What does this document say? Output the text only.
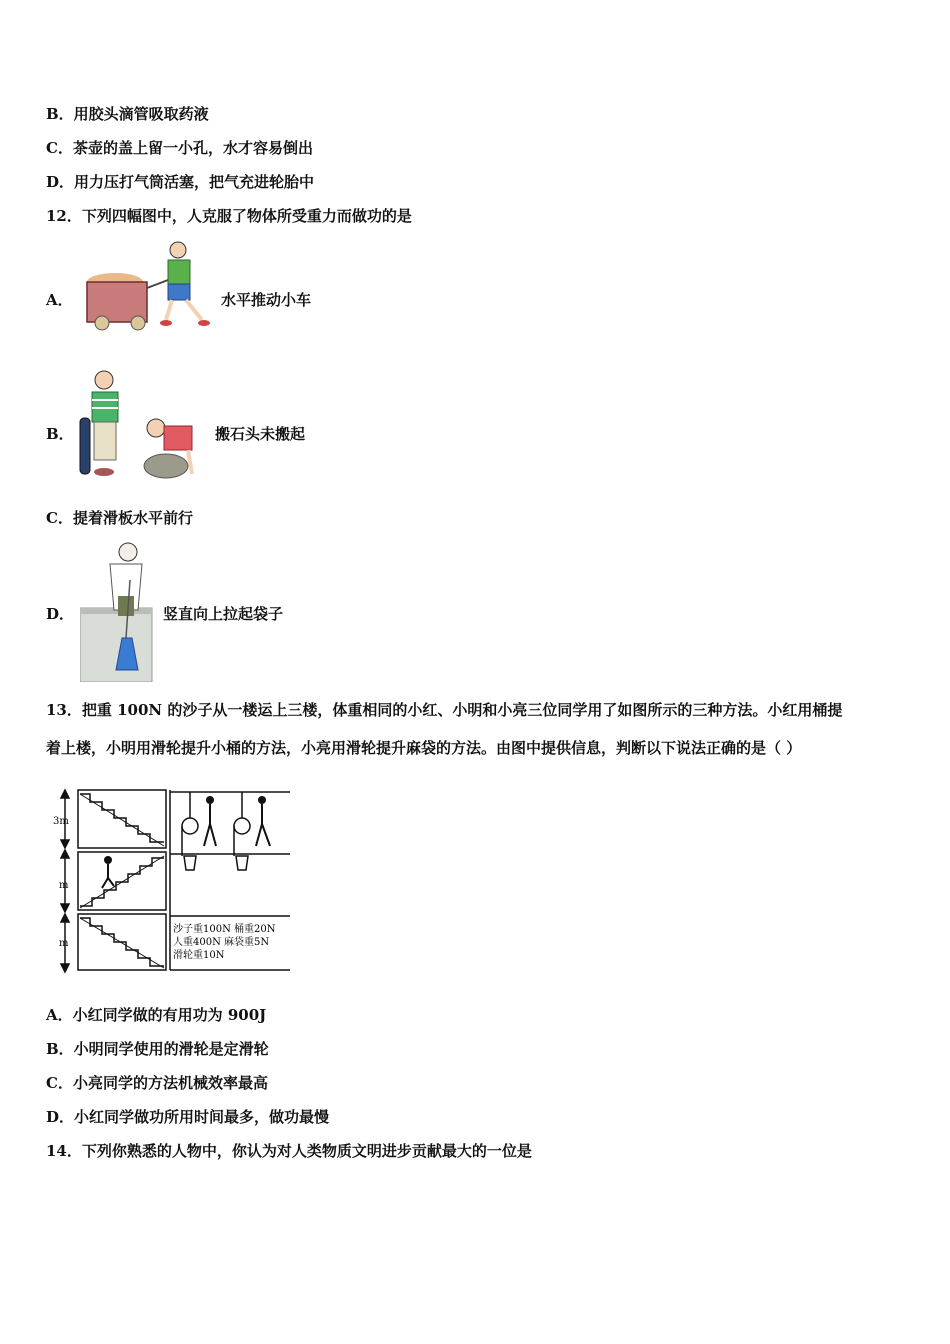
B．用胶头滴管吸取药液
C．茶壶的盖上留一小孔，水才容易倒出
D．用力压打气筒活塞，把气充进轮胎中
12．下列四幅图中，人克服了物体所受重力而做功的是
A．	水平推动小车
B．	搬石头未搬起
C．提着滑板水平前行
D．	竖直向上拉起袋子
13．把重 100N 的沙子从一楼运上三楼，体重相同的小红、小明和小亮三位同学用了如图所示的三种方法。小红用桶提
着上楼，小明用滑轮提升小桶的方法，小亮用滑轮提升麻袋的方法。由图中提供信息，判断以下说法正确的是（ ）
3m
m
m
沙子重100N 桶重20N
人重400N 麻袋重5N
滑轮重10N
A．小红同学做的有用功为 900J
B．小明同学使用的滑轮是定滑轮
C．小亮同学的方法机械效率最高
D．小红同学做功所用时间最多，做功最慢
14．下列你熟悉的人物中，你认为对人类物质文明进步贡献最大的一位是
